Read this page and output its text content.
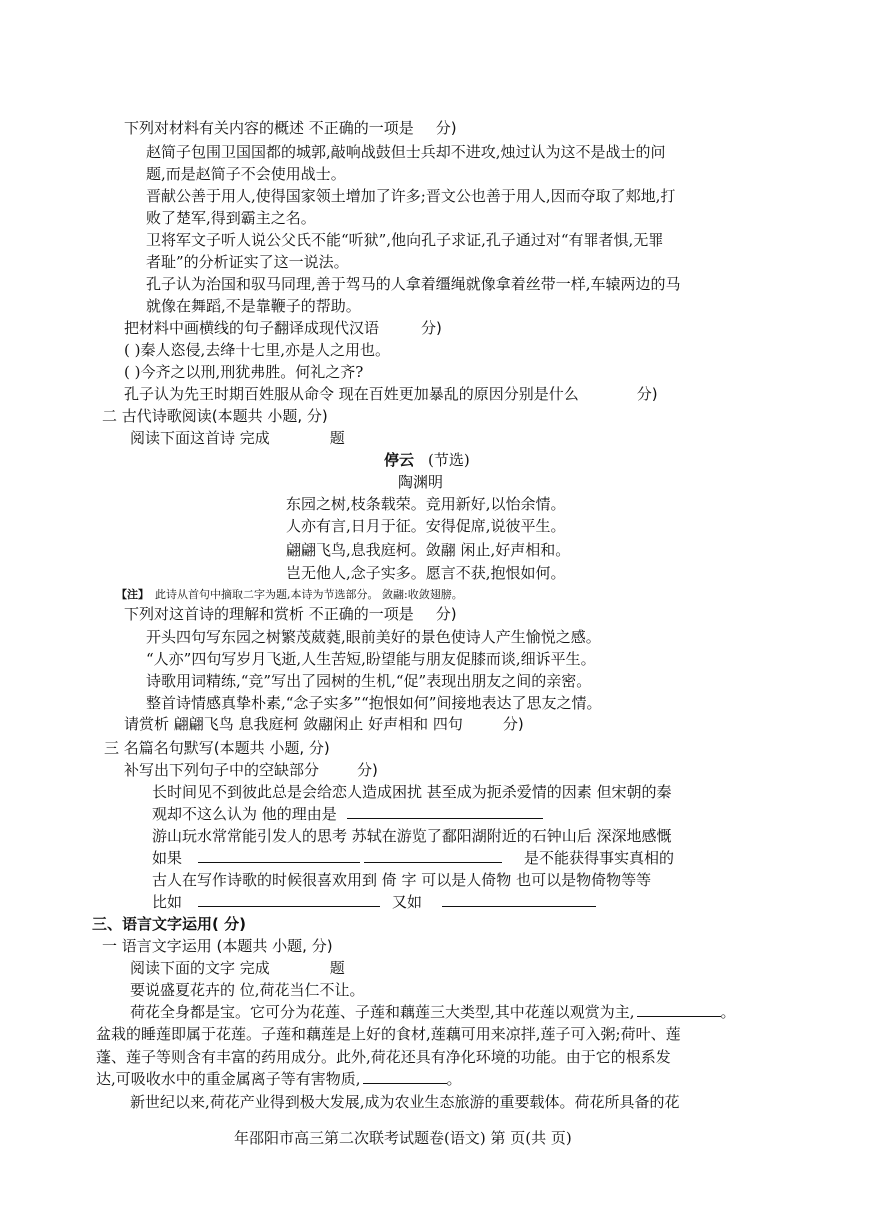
下列对材料有关内容的概述 不正确的一项是 分)
赵简子包围卫国国都的城郭,敲响战鼓但士兵却不进攻,烛过认为这不是战士的问
题,而是赵简子不会使用战士。
晋献公善于用人,使得国家领土增加了许多;晋文公也善于用人,因而夺取了郏地,打
败了楚军,得到霸主之名。
卫将军文子听人说公父氏不能“听狱”,他向孔子求证,孔子通过对“有罪者惧,无罪
者耻”的分析证实了这一说法。
孔子认为治国和驭马同理,善于驾马的人拿着缰绳就像拿着丝带一样,车辕两边的马
就像在舞蹈,不是靠鞭子的帮助。
把材料中画横线的句子翻译成现代汉语	分)
( )秦人恣侵,去绛十七里,亦是人之用也。
( )今齐之以刑,刑犹弗胜。何礼之齐?
孔子认为先王时期百姓服从命令 现在百姓更加暴乱的原因分别是什么	分)
二 古代诗歌阅读(本题共 小题, 分)
阅读下面这首诗 完成	题
停云 (节选)
陶渊明
东园之树,枝条载荣。竞用新好,以怡余情。
人亦有言,日月于征。安得促席,说彼平生。
翩翩飞鸟,息我庭柯。敛翮 闲止,好声相和。
岂无他人,念子实多。愿言不获,抱恨如何。
【注】 此诗从首句中摘取二字为题,本诗为节选部分。 敛翮:收敛翅膀。
下列对这首诗的理解和赏析 不正确的一项是 分)
开头四句写东园之树繁茂葳蕤,眼前美好的景色使诗人产生愉悦之感。
“人亦”四句写岁月飞逝,人生苦短,盼望能与朋友促膝而谈,细诉平生。
诗歌用词精练,“竞”写出了园树的生机,“促”表现出朋友之间的亲密。
整首诗情感真挚朴素,“念子实多”“抱恨如何”间接地表达了思友之情。
请赏析 翩翩飞鸟 息我庭柯 敛翮闲止 好声相和 四句	分)
三 名篇名句默写(本题共 小题, 分)
补写出下列句子中的空缺部分	分)
长时间见不到彼此总是会给恋人造成困扰 甚至成为扼杀爱情的因素 但宋朝的秦
观却不这么认为 他的理由是
游山玩水常常能引发人的思考 苏轼在游览了鄱阳湖附近的石钟山后 深深地感慨
如果	是不能获得事实真相的
古人在写作诗歌的时候很喜欢用到 倚 字 可以是人倚物 也可以是物倚物等等
比如	又如
三、语言文字运用( 分)
一 语言文字运用 (本题共 小题, 分)
阅读下面的文字 完成	题
要说盛夏花卉的 位,荷花当仁不让。
荷花全身都是宝。它可分为花莲、子莲和藕莲三大类型,其中花莲以观赏为主,	。
盆栽的睡莲即属于花莲。子莲和藕莲是上好的食材,莲藕可用来凉拌,莲子可入粥;荷叶、莲
蓬、莲子等则含有丰富的药用成分。此外,荷花还具有净化环境的功能。由于它的根系发
达,可吸收水中的重金属离子等有害物质,	。
新世纪以来,荷花产业得到极大发展,成为农业生态旅游的重要载体。荷花所具备的花
年邵阳市高三第二次联考试题卷(语文) 第 页(共 页)
